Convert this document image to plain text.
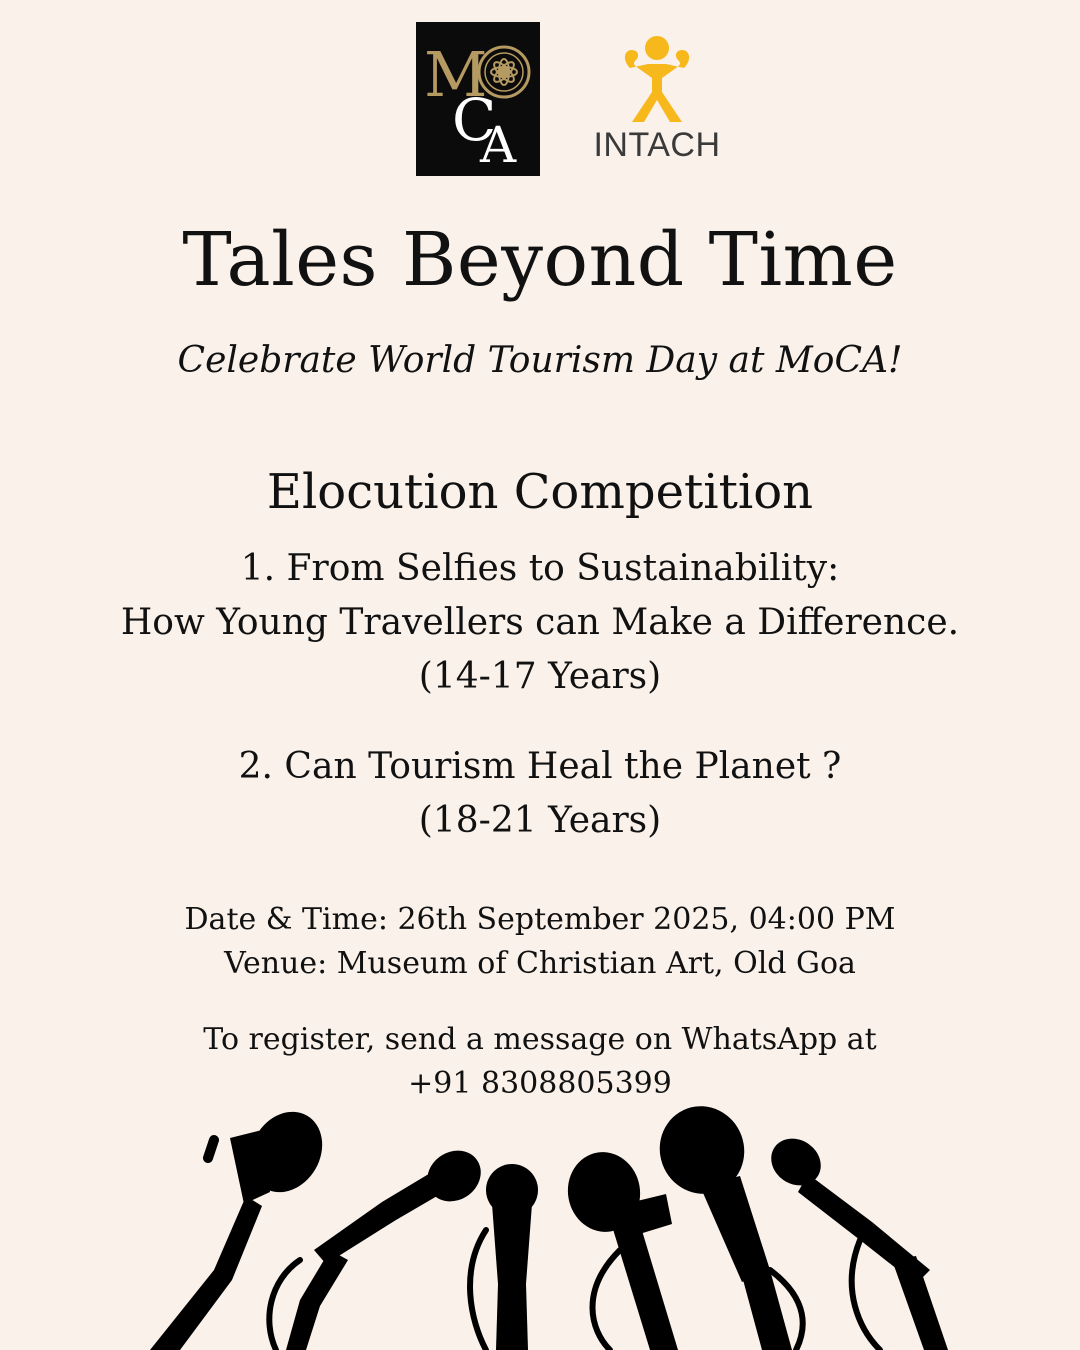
M
C
A INTACH
Tales Beyond Time
Celebrate World Tourism Day at MoCA!
Elocution Competition
1. From Selfies to Sustainability:
How Young Travellers can Make a Difference.
(14-17 Years)
2. Can Tourism Heal the Planet ?
(18-21 Years)
Date & Time: 26th September 2025, 04:00 PM
Venue: Museum of Christian Art, Old Goa
To register, send a message on WhatsApp at
+91 8308805399
